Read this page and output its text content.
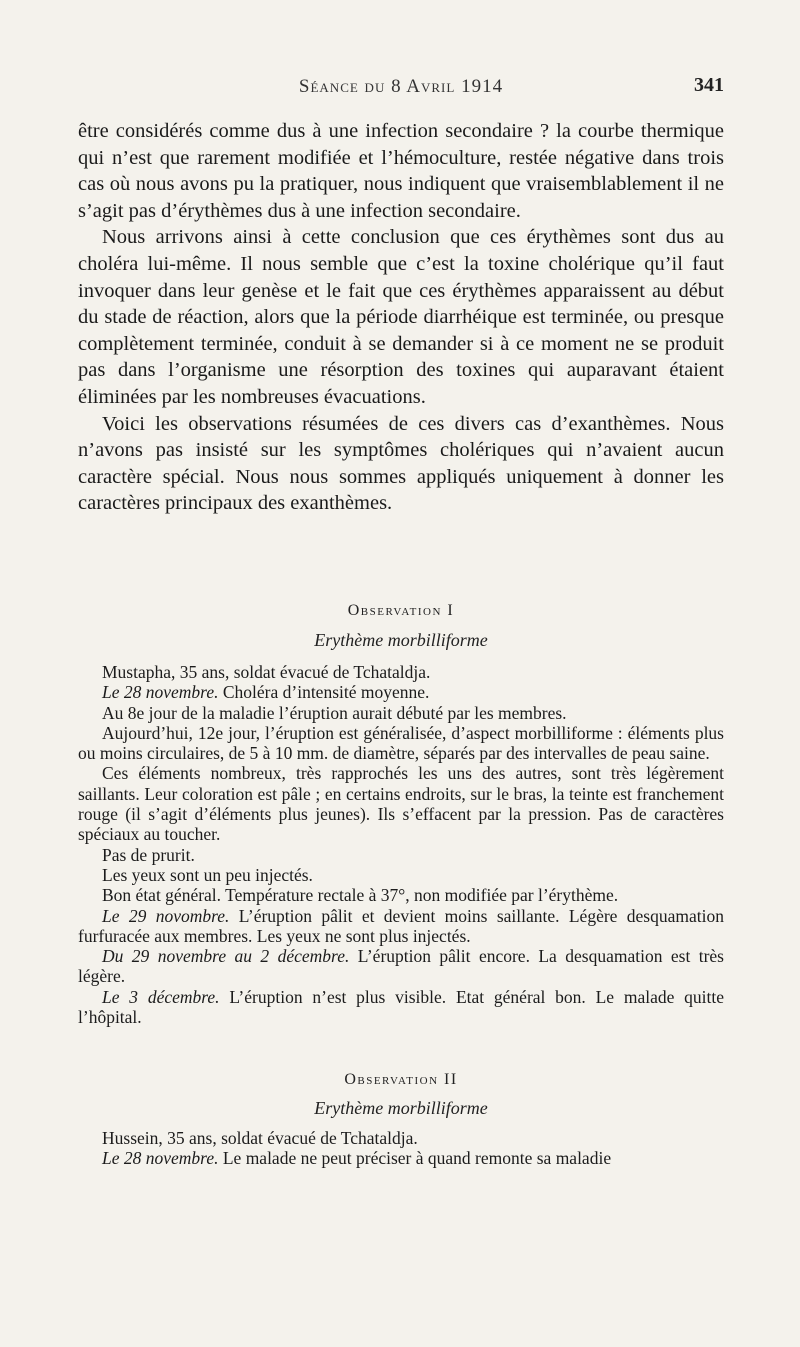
Séance du 8 Avril 1914	341

être considérés comme dus à une infection secondaire ? la courbe thermique qui n’est que rarement modifiée et l’hémoculture, restée négative dans trois cas où nous avons pu la pratiquer, nous indiquent que vraisemblablement il ne s’agit pas d’érythèmes dus à une infection secondaire.

Nous arrivons ainsi à cette conclusion que ces érythèmes sont dus au choléra lui-même. Il nous semble que c’est la toxine cholérique qu’il faut invoquer dans leur genèse et le fait que ces érythèmes apparaissent au début du stade de réaction, alors que la période diarrhéique est terminée, ou presque complètement terminée, conduit à se demander si à ce moment ne se produit pas dans l’organisme une résorption des toxines qui auparavant étaient éliminées par les nombreuses évacuations.

Voici les observations résumées de ces divers cas d’exanthèmes. Nous n’avons pas insisté sur les symptômes cholériques qui n’avaient aucun caractère spécial. Nous nous sommes appliqués uniquement à donner les caractères principaux des exanthèmes.

Observation I
Erythème morbilliforme

Mustapha, 35 ans, soldat évacué de Tchataldja.

Le 28 novembre. Choléra d’intensité moyenne.

Au 8e jour de la maladie l’éruption aurait débuté par les membres.

Aujourd’hui, 12e jour, l’éruption est généralisée, d’aspect morbilliforme : éléments plus ou moins circulaires, de 5 à 10 mm. de diamètre, séparés par des intervalles de peau saine.

Ces éléments nombreux, très rapprochés les uns des autres, sont très légèrement saillants. Leur coloration est pâle ; en certains endroits, sur le bras, la teinte est franchement rouge (il s’agit d’éléments plus jeunes). Ils s’effacent par la pression. Pas de caractères spéciaux au toucher.

Pas de prurit.

Les yeux sont un peu injectés.

Bon état général. Température rectale à 37°, non modifiée par l’érythème.

Le 29 novombre. L’éruption pâlit et devient moins saillante. Légère desquamation furfuracée aux membres. Les yeux ne sont plus injectés.

Du 29 novembre au 2 décembre. L’éruption pâlit encore. La desquamation est très légère.

Le 3 décembre. L’éruption n’est plus visible. Etat général bon. Le malade quitte l’hôpital.

Observation II
Erythème morbilliforme

Hussein, 35 ans, soldat évacué de Tchataldja.

Le 28 novembre. Le malade ne peut préciser à quand remonte sa maladie
